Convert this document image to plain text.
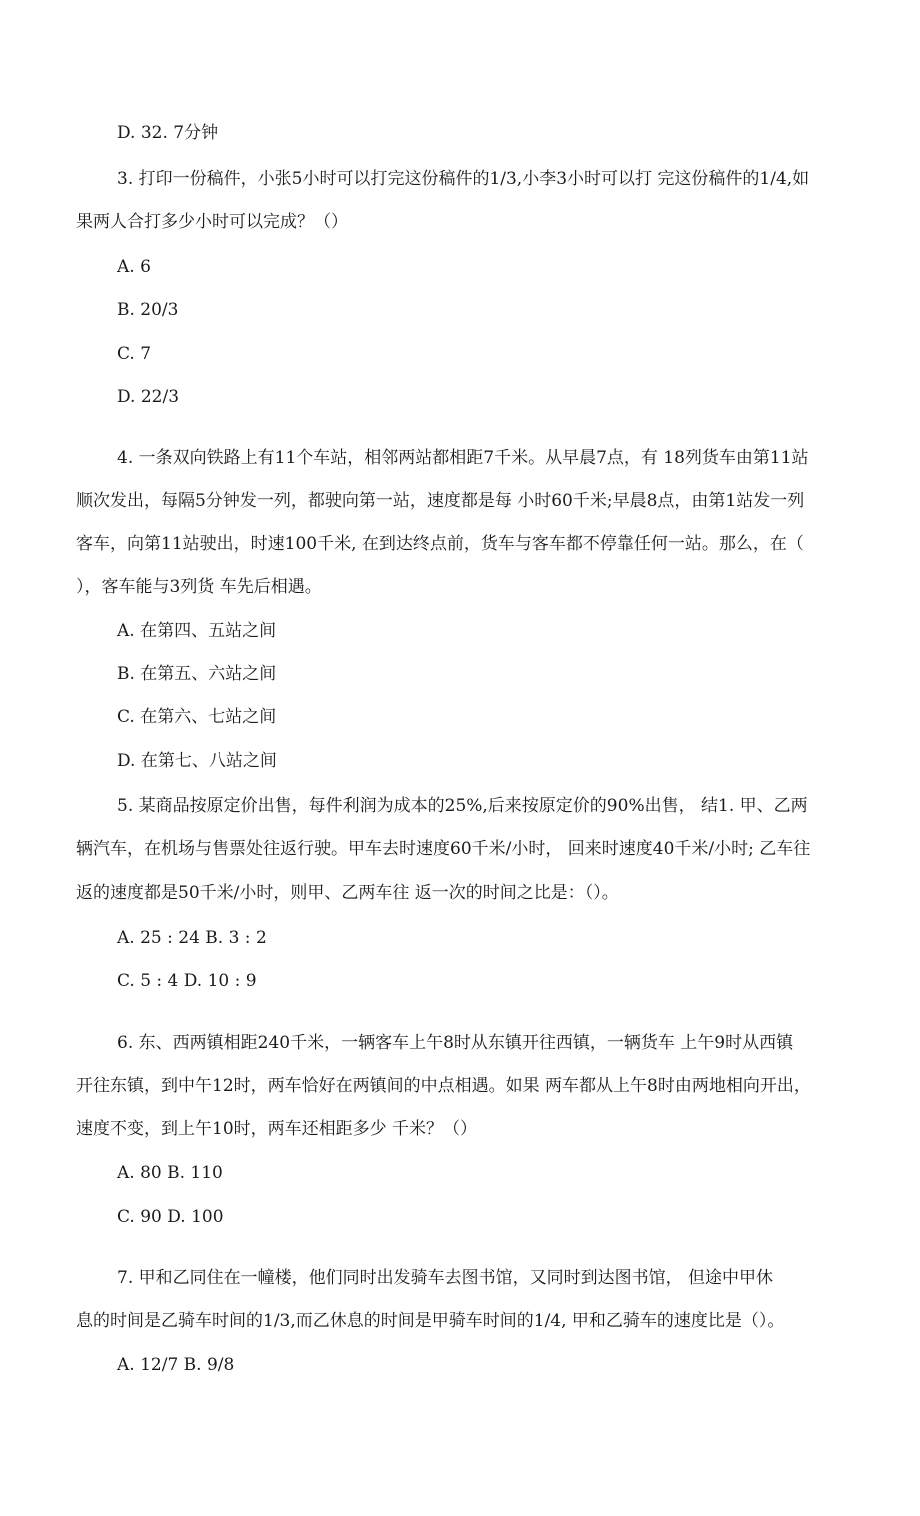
D. 32. 7分钟
3. 打印一份稿件，小张5小时可以打完这份稿件的1/3,小李3小时可以打 完这份稿件的1/4,如
果两人合打多少小时可以完成？（）
A. 6
B. 20/3
C. 7
D. 22/3
4. 一条双向铁路上有11个车站，相邻两站都相距7千米。从早晨7点，有 18列货车由第11站
顺次发出，每隔5分钟发一列，都驶向第一站，速度都是每 小时60千米;早晨8点，由第1站发一列
客车，向第11站驶出，时速100千米, 在到达终点前，货车与客车都不停靠任何一站。那么，在（
），客车能与3列货 车先后相遇。
A. 在第四、五站之间
B. 在第五、六站之间
C. 在第六、七站之间
D. 在第七、八站之间
5. 某商品按原定价出售，每件利润为成本的25%,后来按原定价的90%出售， 结1. 甲、乙两
辆汽车，在机场与售票处往返行驶。甲车去时速度60千米/小时， 回来时速度40千米/小时; 乙车往
返的速度都是50千米/小时，则甲、乙两车往 返一次的时间之比是：（）。
A. 25 : 24 B. 3 : 2
C. 5 : 4 D. 10 : 9
6. 东、西两镇相距240千米，一辆客车上午8时从东镇开往西镇，一辆货车 上午9时从西镇
开往东镇，到中午12时，两车恰好在两镇间的中点相遇。如果 两车都从上午8时由两地相向开出，
速度不变，到上午10时，两车还相距多少 千米？（）
A. 80 B. 110
C. 90 D. 100
7. 甲和乙同住在一幢楼，他们同时出发骑车去图书馆，又同时到达图书馆， 但途中甲休
息的时间是乙骑车时间的1/3,而乙休息的时间是甲骑车时间的1/4, 甲和乙骑车的速度比是（）。
A. 12/7 B. 9/8
